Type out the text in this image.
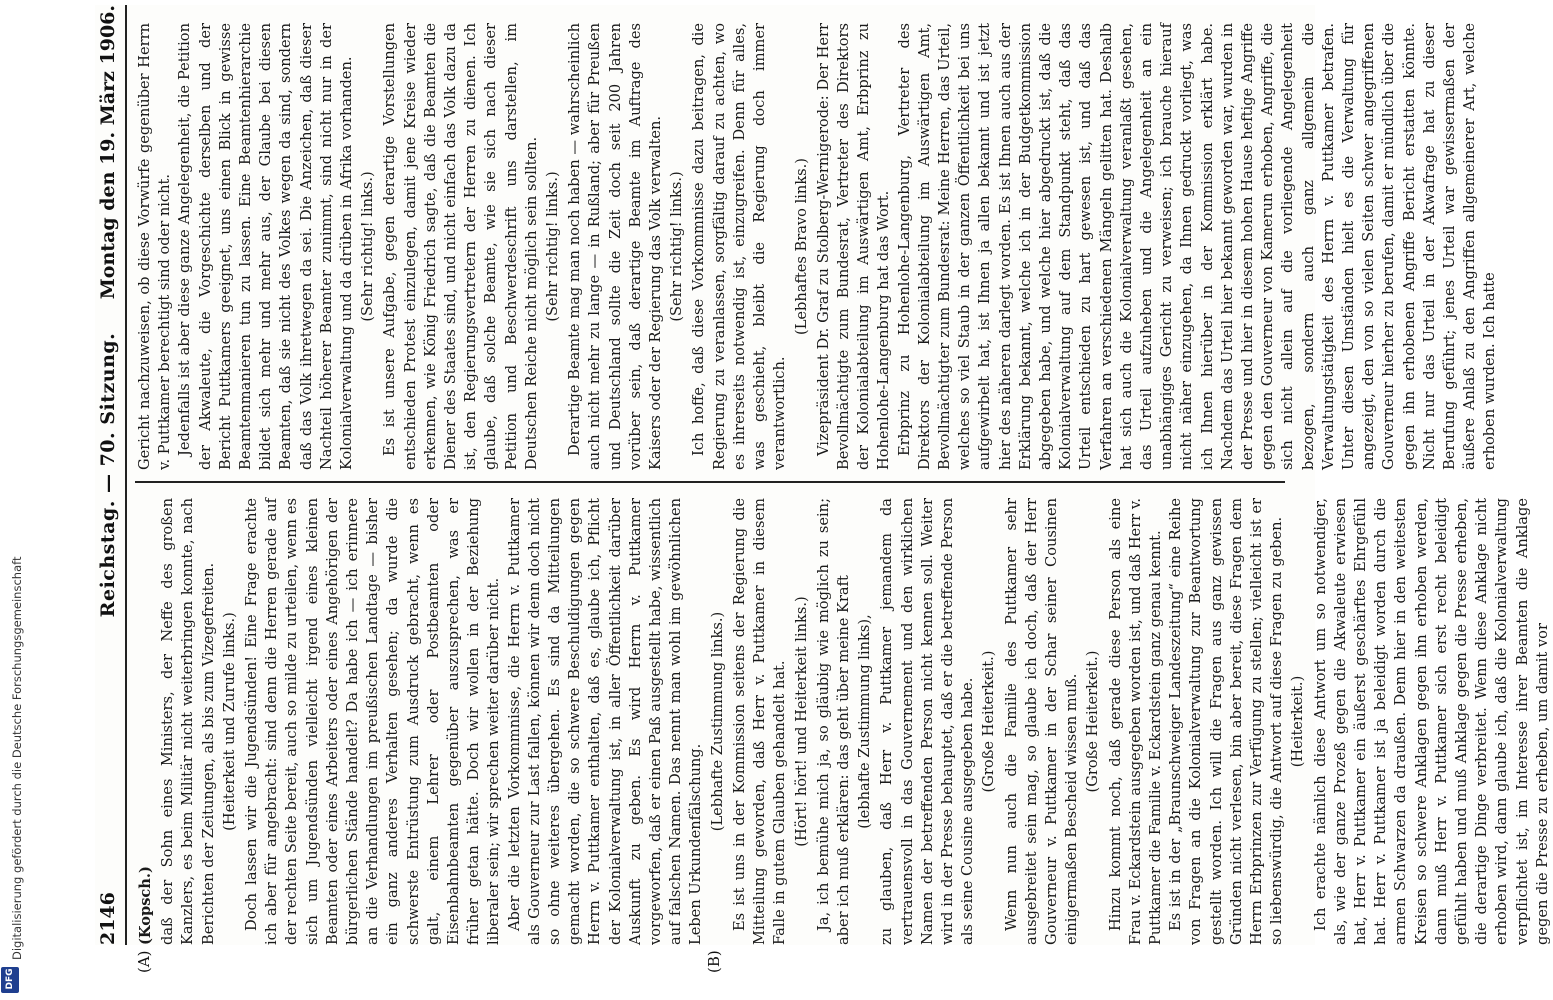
2146
Reichstag. — 70. Sitzung.
Montag den 19. März 1906.
(A)	(B)
(Kopsch.) daß der Sohn eines Ministers, der Neffe des großen Kanzlers, es beim Militär nicht weiterbringen konnte, nach Berichten der Zeitungen, als bis zum Vizegefreiten. (Heiterkeit und Zurufe links.) Doch lassen wir die Jugendsünden! Eine Frage erachte ich aber für angebracht: sind denn die Herren gerade auf der rechten Seite bereit, auch so milde zu urteilen, wenn es sich um Jugendsünden vielleicht irgend eines kleinen Beamten oder eines Arbeiters oder eines Angehörigen der bürgerlichen Stände handelt? Da habe ich — ich erinnere an die Verhandlungen im preußischen Landtage — bisher ein ganz anderes Verhalten gesehen; da wurde die schwerste Entrüstung zum Ausdruck gebracht, wenn es galt, einem Lehrer oder Postbeamten oder Eisenbahnbeamten gegenüber auszusprechen, was er früher getan hätte. Doch wir wollen in der Beziehung liberaler sein; wir sprechen weiter darüber nicht. Aber die letzten Vorkommnisse, die Herrn v. Puttkamer als Gouverneur zur Last fallen, können wir denn doch nicht so ohne weiteres übergehen. Es sind da Mitteilungen gemacht worden, die so schwere Beschuldigungen gegen Herrn v. Puttkamer enthalten, daß es, glaube ich, Pflicht der Kolonialverwaltung ist, in aller Öffentlichkeit darüber Auskunft zu geben. Es wird Herrn v. Puttkamer vorgeworfen, daß er einen Paß ausgestellt habe, wissentlich auf falschen Namen. Das nennt man wohl im gewöhnlichen Leben Urkundenfälschung.

(Lebhafte Zustimmung links.) Es ist uns in der Kommission seitens der Regierung die Mitteilung geworden, daß Herr v. Puttkamer in diesem Falle in gutem Glauben gehandelt hat. (Hört! hört! und Heiterkeit links.) Ja, ich bemühe mich ja, so gläubig wie möglich zu sein; aber ich muß erklären: das geht über meine Kraft (lebhafte Zustimmung links), zu glauben, daß Herr v. Puttkamer jemandem da vertrauensvoll in das Gouvernement und den wirklichen Namen der betreffenden Person nicht kennen soll. Weiter wird in der Presse behauptet, daß er die betreffende Person als seine Cousine ausgegeben habe. (Große Heiterkeit.) Wenn nun auch die Familie des Puttkamer sehr ausgebreitet sein mag, so glaube ich doch, daß der Herr Gouverneur v. Puttkamer in der Schar seiner Cousinen einigermaßen Bescheid wissen muß. (Große Heiterkeit.) Hinzu kommt noch, daß gerade diese Person als eine Frau v. Eckardstein ausgegeben worden ist, und daß Herr v. Puttkamer die Familie v. Eckardstein ganz genau kennt. Es ist in der „Braunschweiger Landeszeitung“ eine Reihe von Fragen an die Kolonialverwaltung zur Beantwortung gestellt worden. Ich will die Fragen aus ganz gewissen Gründen nicht verlesen, bin aber bereit, diese Fragen dem Herrn Erbprinzen zur Verfügung zu stellen; vielleicht ist er so liebenswürdig, die Antwort auf diese Fragen zu geben. (Heiterkeit.) Ich erachte nämlich diese Antwort um so notwendiger, als, wie der ganze Prozeß gegen die Akwaleute erwiesen hat, Herr v. Puttkamer ein äußerst geschärftes Ehrgefühl hat. Herr v. Puttkamer ist ja beleidigt worden durch die armen Schwarzen da draußen. Denn hier in den weitesten Kreisen so schwere Anklagen gegen ihn erhoben werden, dann muß Herr v. Puttkamer sich erst recht beleidigt gefühlt haben und muß Anklage gegen die Presse erheben, die derartige Dinge verbreitet. Wenn diese Anklage nicht erhoben wird, dann glaube ich, daß die Kolonialverwaltung verpflichtet ist, im Interesse ihrer Beamten die Anklage gegen die Presse zu erheben, um damit vor

Gericht nachzuweisen, ob diese Vorwürfe gegenüber Herrn v. Puttkamer berechtigt sind oder nicht. Jedenfalls ist aber diese ganze Angelegenheit, die Petition der Akwaleute, die Vorgeschichte derselben und der Bericht Puttkamers geeignet, uns einen Blick in gewisse Beamtenmanieren tun zu lassen. Eine Beamtenhierarchie bildet sich mehr und mehr aus, der Glaube bei diesen Beamten, daß sie nicht des Volkes wegen da sind, sondern daß das Volk ihretwegen da sei. Die Anzeichen, daß dieser Nachteil höherer Beamter zunimmt, sind nicht nur in der Kolonialverwaltung und da drüben in Afrika vorhanden. (Sehr richtig! links.) Es ist unsere Aufgabe, gegen derartige Vorstellungen entschieden Protest einzulegen, damit jene Kreise wieder erkennen, wie König Friedrich sagte, daß die Beamten die Diener des Staates sind, und nicht einfach das Volk dazu da ist, den Regierungsvertretern der Herren zu dienen. Ich glaube, daß solche Beamte, wie sie sich nach dieser Petition und Beschwerdeschrift uns darstellen, im Deutschen Reiche nicht möglich sein sollten. (Sehr richtig! links.) Derartige Beamte mag man noch haben — wahrscheinlich auch nicht mehr zu lange — in Rußland; aber für Preußen und Deutschland sollte die Zeit doch seit 200 Jahren vorüber sein, daß derartige Beamte im Auftrage des Kaisers oder der Regierung das Volk verwalten. (Sehr richtig! links.) Ich hoffe, daß diese Vorkommnisse dazu beitragen, die Regierung zu veranlassen, sorgfältig darauf zu achten, wo es ihrerseits notwendig ist, einzugreifen. Denn für alles, was geschieht, bleibt die Regierung doch immer verantwortlich.

(Lebhaftes Bravo links.) Vizepräsident Dr. Graf zu Stolberg-Wernigerode: Der Herr Bevollmächtigte zum Bundesrat, Vertreter des Direktors der Kolonialabteilung im Auswärtigen Amt, Erbprinz zu Hohenlohe-Langenburg hat das Wort. Erbprinz zu Hohenlohe-Langenburg, Vertreter des Direktors der Kolonialabteilung im Auswärtigen Amt, Bevollmächtigter zum Bundesrat: Meine Herren, das Urteil, welches so viel Staub in der ganzen Öffentlichkeit bei uns aufgewirbelt hat, ist Ihnen ja allen bekannt und ist jetzt hier des näheren darlegt worden. Es ist Ihnen auch aus der Erklärung bekannt, welche ich in der Budgetkommission abgegeben habe, und welche hier abgedruckt ist, daß die Kolonialverwaltung auf dem Standpunkt steht, daß das Urteil entschieden zu hart gewesen ist, und daß das Verfahren an verschiedenen Mängeln gelitten hat. Deshalb hat sich auch die Kolonialverwaltung veranlaßt gesehen, das Urteil aufzuheben und die Angelegenheit an ein unabhängiges Gericht zu verweisen; ich brauche hierauf nicht näher einzugehen, da Ihnen gedruckt vorliegt, was ich Ihnen hierüber in der Kommission erklärt habe. Nachdem das Urteil hier bekannt geworden war, wurden in der Presse und hier in diesem hohen Hause heftige Angriffe gegen den Gouverneur von Kamerun erhoben, Angriffe, die sich nicht allein auf die vorliegende Angelegenheit bezogen, sondern auch ganz allgemein die Verwaltungstätigkeit des Herrn v. Puttkamer betrafen. Unter diesen Umständen hielt es die Verwaltung für angezeigt, den von so vielen Seiten schwer angegriffenen Gouverneur hierher zu berufen, damit er mündlich über die gegen ihn erhobenen Angriffe Bericht erstatten könnte. Nicht nur das Urteil in der Akwafrage hat zu dieser Berufung geführt; jenes Urteil war gewissermaßen der äußere Anlaß zu den Angriffen allgemeinerer Art, welche erhoben wurden. Ich hatte

Digitalisierung gefördert durch die Deutsche Forschungsgemeinschaft
DFG
